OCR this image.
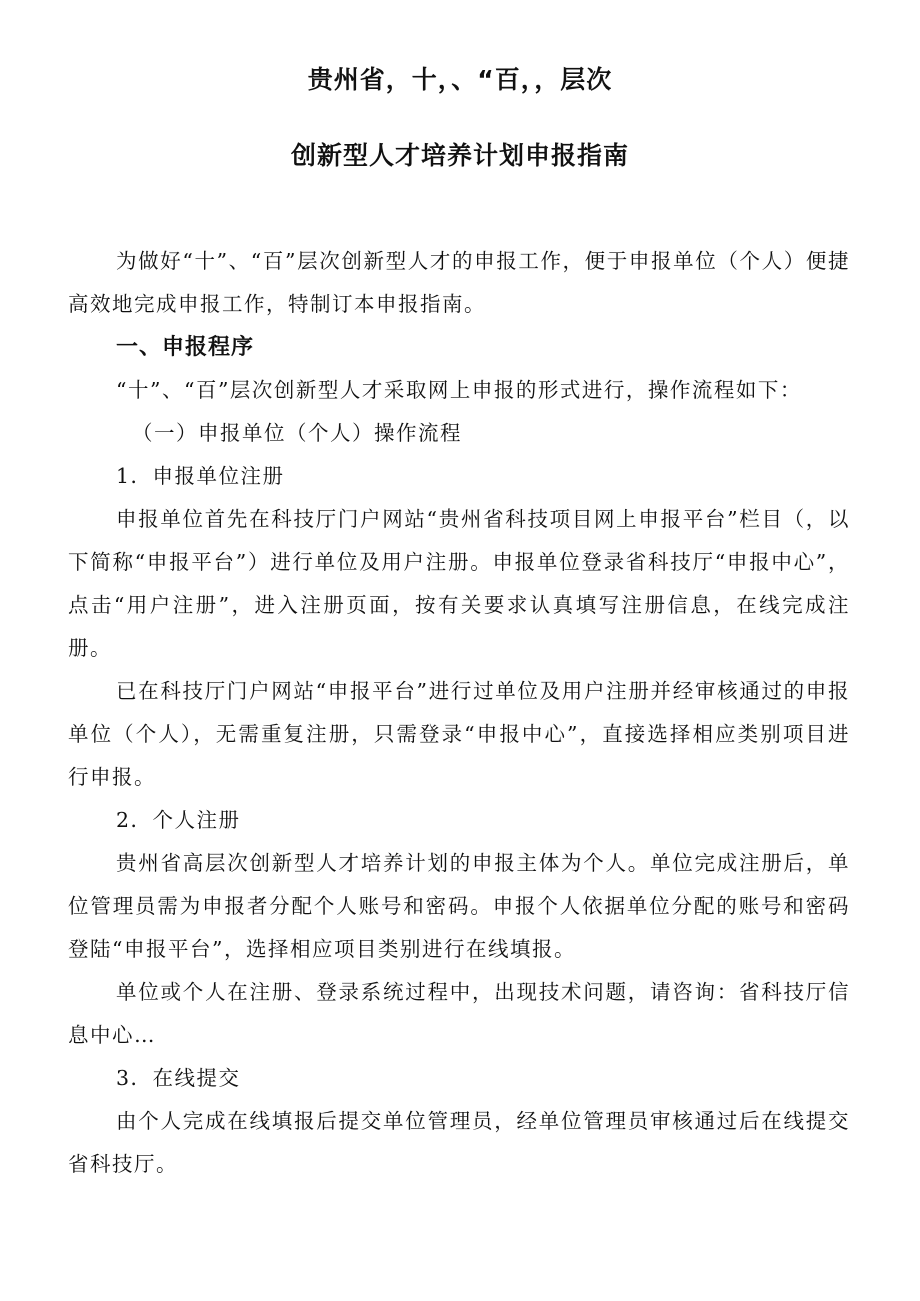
贵州省，十，、“百，，层次
创新型人才培养计划申报指南

为做好“十”、“百”层次创新型人才的申报工作，便于申报单位（个人）便捷高效地完成申报工作，特制订本申报指南。

一、申报程序

“十”、“百”层次创新型人才采取网上申报的形式进行，操作流程如下：

（一）申报单位（个人）操作流程

1．申报单位注册

申报单位首先在科技厅门户网站“贵州省科技项目网上申报平台”栏目（，以下简称“申报平台”）进行单位及用户注册。申报单位登录省科技厅“申报中心”，点击“用户注册”，进入注册页面，按有关要求认真填写注册信息，在线完成注册。

已在科技厅门户网站“申报平台”进行过单位及用户注册并经审核通过的申报单位（个人），无需重复注册，只需登录“申报中心”，直接选择相应类别项目进行申报。

2．个人注册

贵州省高层次创新型人才培养计划的申报主体为个人。单位完成注册后，单位管理员需为申报者分配个人账号和密码。申报个人依据单位分配的账号和密码登陆“申报平台”，选择相应项目类别进行在线填报。

单位或个人在注册、登录系统过程中，出现技术问题，请咨询：省科技厅信息中心…

3．在线提交

由个人完成在线填报后提交单位管理员，经单位管理员审核通过后在线提交省科技厅。
